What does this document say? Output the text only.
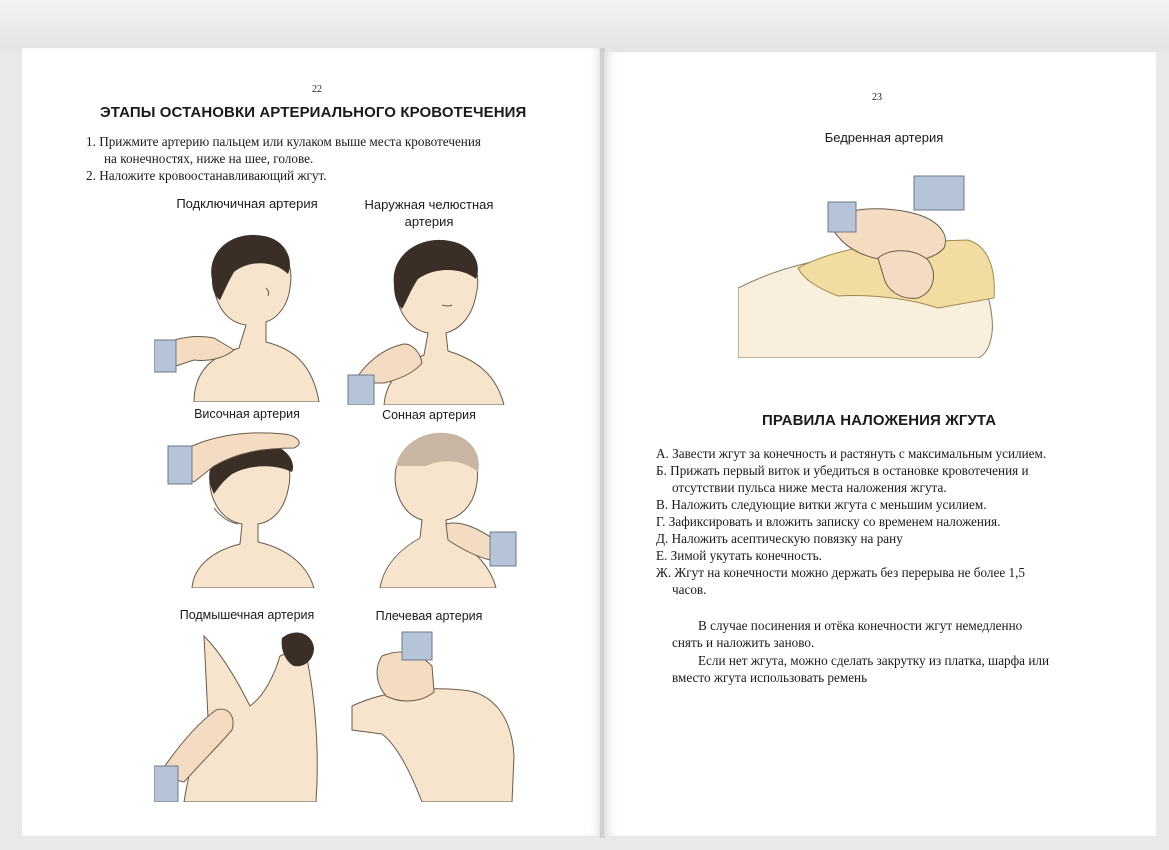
22
ЭТАПЫ ОСТАНОВКИ АРТЕРИАЛЬНОГО КРОВОТЕЧЕНИЯ
1. Прижмите артерию пальцем или кулаком выше места кровотечения
на конечностях, ниже на шее, голове.
2. Наложите кровоостанавливающий жгут.
Подключичная артерия	Наружная челюстная
артерия
Височная артерия	Сонная артерия
Подмышечная артерия	Плечевая артерия
23
Бедренная артерия
ПРАВИЛА НАЛОЖЕНИЯ ЖГУТА
А. Завести жгут за конечность и растянуть с максимальным усилием.
Б. Прижать первый виток и убедиться в остановке кровотечения и
отсутствии пульса ниже места наложения жгута.
В. Наложить следующие витки жгута с меньшим усилием.
Г. Зафиксировать и вложить записку со временем наложения.
Д. Наложить асептическую повязку на рану
Е. Зимой укутать конечность.
Ж. Жгут на конечности можно держать без перерыва не более 1,5
часов.
В случае посинения и отёка конечности жгут немедленно
снять и наложить заново.
Если нет жгута, можно сделать закрутку из платка, шарфа или
вместо жгута использовать ремень
